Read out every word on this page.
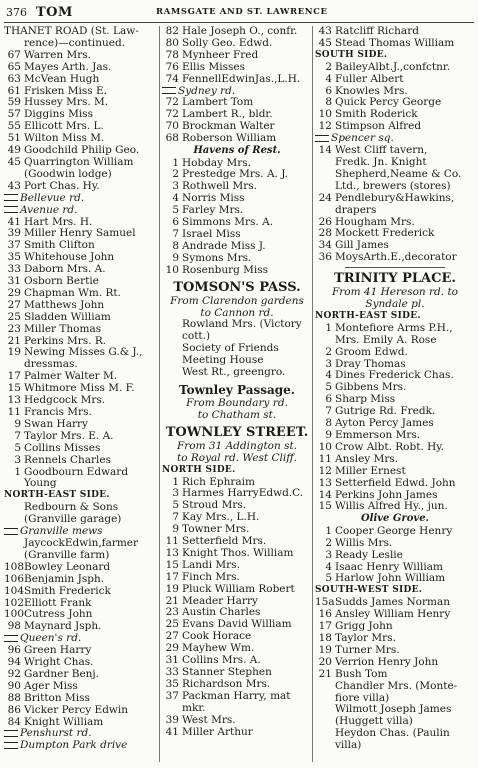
376 TOM	RAMSGATE AND ST. LAWRENCE
THANET ROAD (St. Law-
rence)—continued.
67 Warren Mrs.
65 Mayes Arth. Jas.
63 McVean Hugh
61 Frisken Miss E.
59 Hussey Mrs. M.
57 Diggins Miss
55 Ellicott Mrs. L.
51 Wilton Miss M.
49 Goodchild Philip Geo.
45 Quarrington William
(Goodwin lodge)
43 Port Chas. Hy.
Bellevue rd.
Avenue rd.
41 Hart Mrs. H.
39 Miller Henry Samuel
37 Smith Clifton
35 Whitehouse John
33 Daborn Mrs. A.
31 Osborn Bertie
29 Chapman Wm. Rt.
27 Matthews John
25 Sladden William
23 Miller Thomas
21 Perkins Mrs. R.
19 Newing Misses G.& J.,
dressmas.
17 Palmer Walter M.
15 Whitmore Miss M. F.
13 Hedgcock Mrs.
11 Francis Mrs.
9 Swan Harry
7 Taylor Mrs. E. A.
5 Collins Misses
3 Rennels Charles
1 Goodbourn Edward
Young
NORTH-EAST SIDE.
Redbourn & Sons
(Granville garage)
Granville mews
JaycockEdwin,farmer
(Granville farm)
108Bowley Leonard
106Benjamin Jsph.
104Smith Frederick
102Elliott Frank
100Cutress John
98 Maynard Jsph.
Queen's rd.
96 Green Harry
94 Wright Chas.
92 Gardner Benj.
90 Ager Miss
88 Britton Miss
86 Vicker Percy Edwin
84 Knight William
Penshurst rd.
Dumpton Park drive
82 Hale Joseph O., confr.
80 Solly Geo. Edwd.
78 Mynheer Fred
76 Ellis Misses
74 FennellEdwinJas.,L.H.
Sydney rd.
72 Lambert Tom
72 Lambert R., bldr.
70 Brockman Walter
68 Roberson William
Havens of Rest.
1 Hobday Mrs.
2 Prestedge Mrs. A. J.
3 Rothwell Mrs.
4 Norris Miss
5 Farley Mrs.
6 Simmons Mrs. A.
7 Israel Miss
8 Andrade Miss J.
9 Symons Mrs.
10 Rosenburg Miss
TOMSON'S PASS.
From Clarendon gardens
to Cannon rd.
Rowland Mrs. (Victory
cott.)
Society of Friends
Meeting House
West Rt., greengro.
Townley Passage.
From Boundary rd.
to Chatham st.
TOWNLEY STREET.
From 31 Addington st.
to Royal rd. West Cliff.
NORTH SIDE.
1 Rich Ephraim
3 Harmes HarryEdwd.C.
5 Stroud Mrs.
7 Kay Mrs., L.H.
9 Towner Mrs.
11 Setterfield Mrs.
13 Knight Thos. William
15 Landi Mrs.
17 Finch Mrs.
19 Pluck William Robert
21 Meader Harry
23 Austin Charles
25 Evans David William
27 Cook Horace
29 Mayhew Wm.
31 Collins Mrs. A.
33 Stanner Stephen
35 Richardson Mrs.
37 Packman Harry, mat
mkr.
39 West Mrs.
41 Miller Arthur
43 Ratcliff Richard
45 Stead Thomas William
SOUTH SIDE.
2 BaileyAlbt.J.,confctnr.
4 Fuller Albert
6 Knowles Mrs.
8 Quick Percy George
10 Smith Roderick
12 Stimpson Alfred
Spencer sq.
14 West Cliff tavern,
Fredk. Jn. Knight
Shepherd,Neame & Co.
Ltd., brewers (stores)
24 Pendlebury&Hawkins,
drapers
26 Hougham Mrs.
28 Mockett Frederick
34 Gill James
36 MoysArth.E.,decorator
TRINITY PLACE.
From 41 Hereson rd. to
Syndale pl.
NORTH-EAST SIDE.
1 Montefiore Arms P.H.,
Mrs. Emily A. Rose
2 Groom Edwd.
3 Dray Thomas
4 Dines Frederick Chas.
5 Gibbens Mrs.
6 Sharp Miss
7 Gutrige Rd. Fredk.
8 Ayton Percy James
9 Emmerson Mrs.
10 Crow Albt. Robt. Hy.
11 Ansley Mrs.
12 Miller Ernest
13 Setterfield Edwd. John
14 Perkins John James
15 Willis Alfred Hy., jun.
Olive Grove.
1 Cooper George Henry
2 Willis Mrs.
3 Ready Leslie
4 Isaac Henry William
5 Harlow John William
SOUTH-WEST SIDE.
15aSudds James Norman
16 Ansley William Henry
17 Grigg John
18 Taylor Mrs.
19 Turner Mrs.
20 Verrion Henry John
21 Bush Tom
Chandler Mrs. (Monte-
fiore villa)
Wilmott Joseph James
(Huggett villa)
Heydon Chas. (Paulin
villa)
